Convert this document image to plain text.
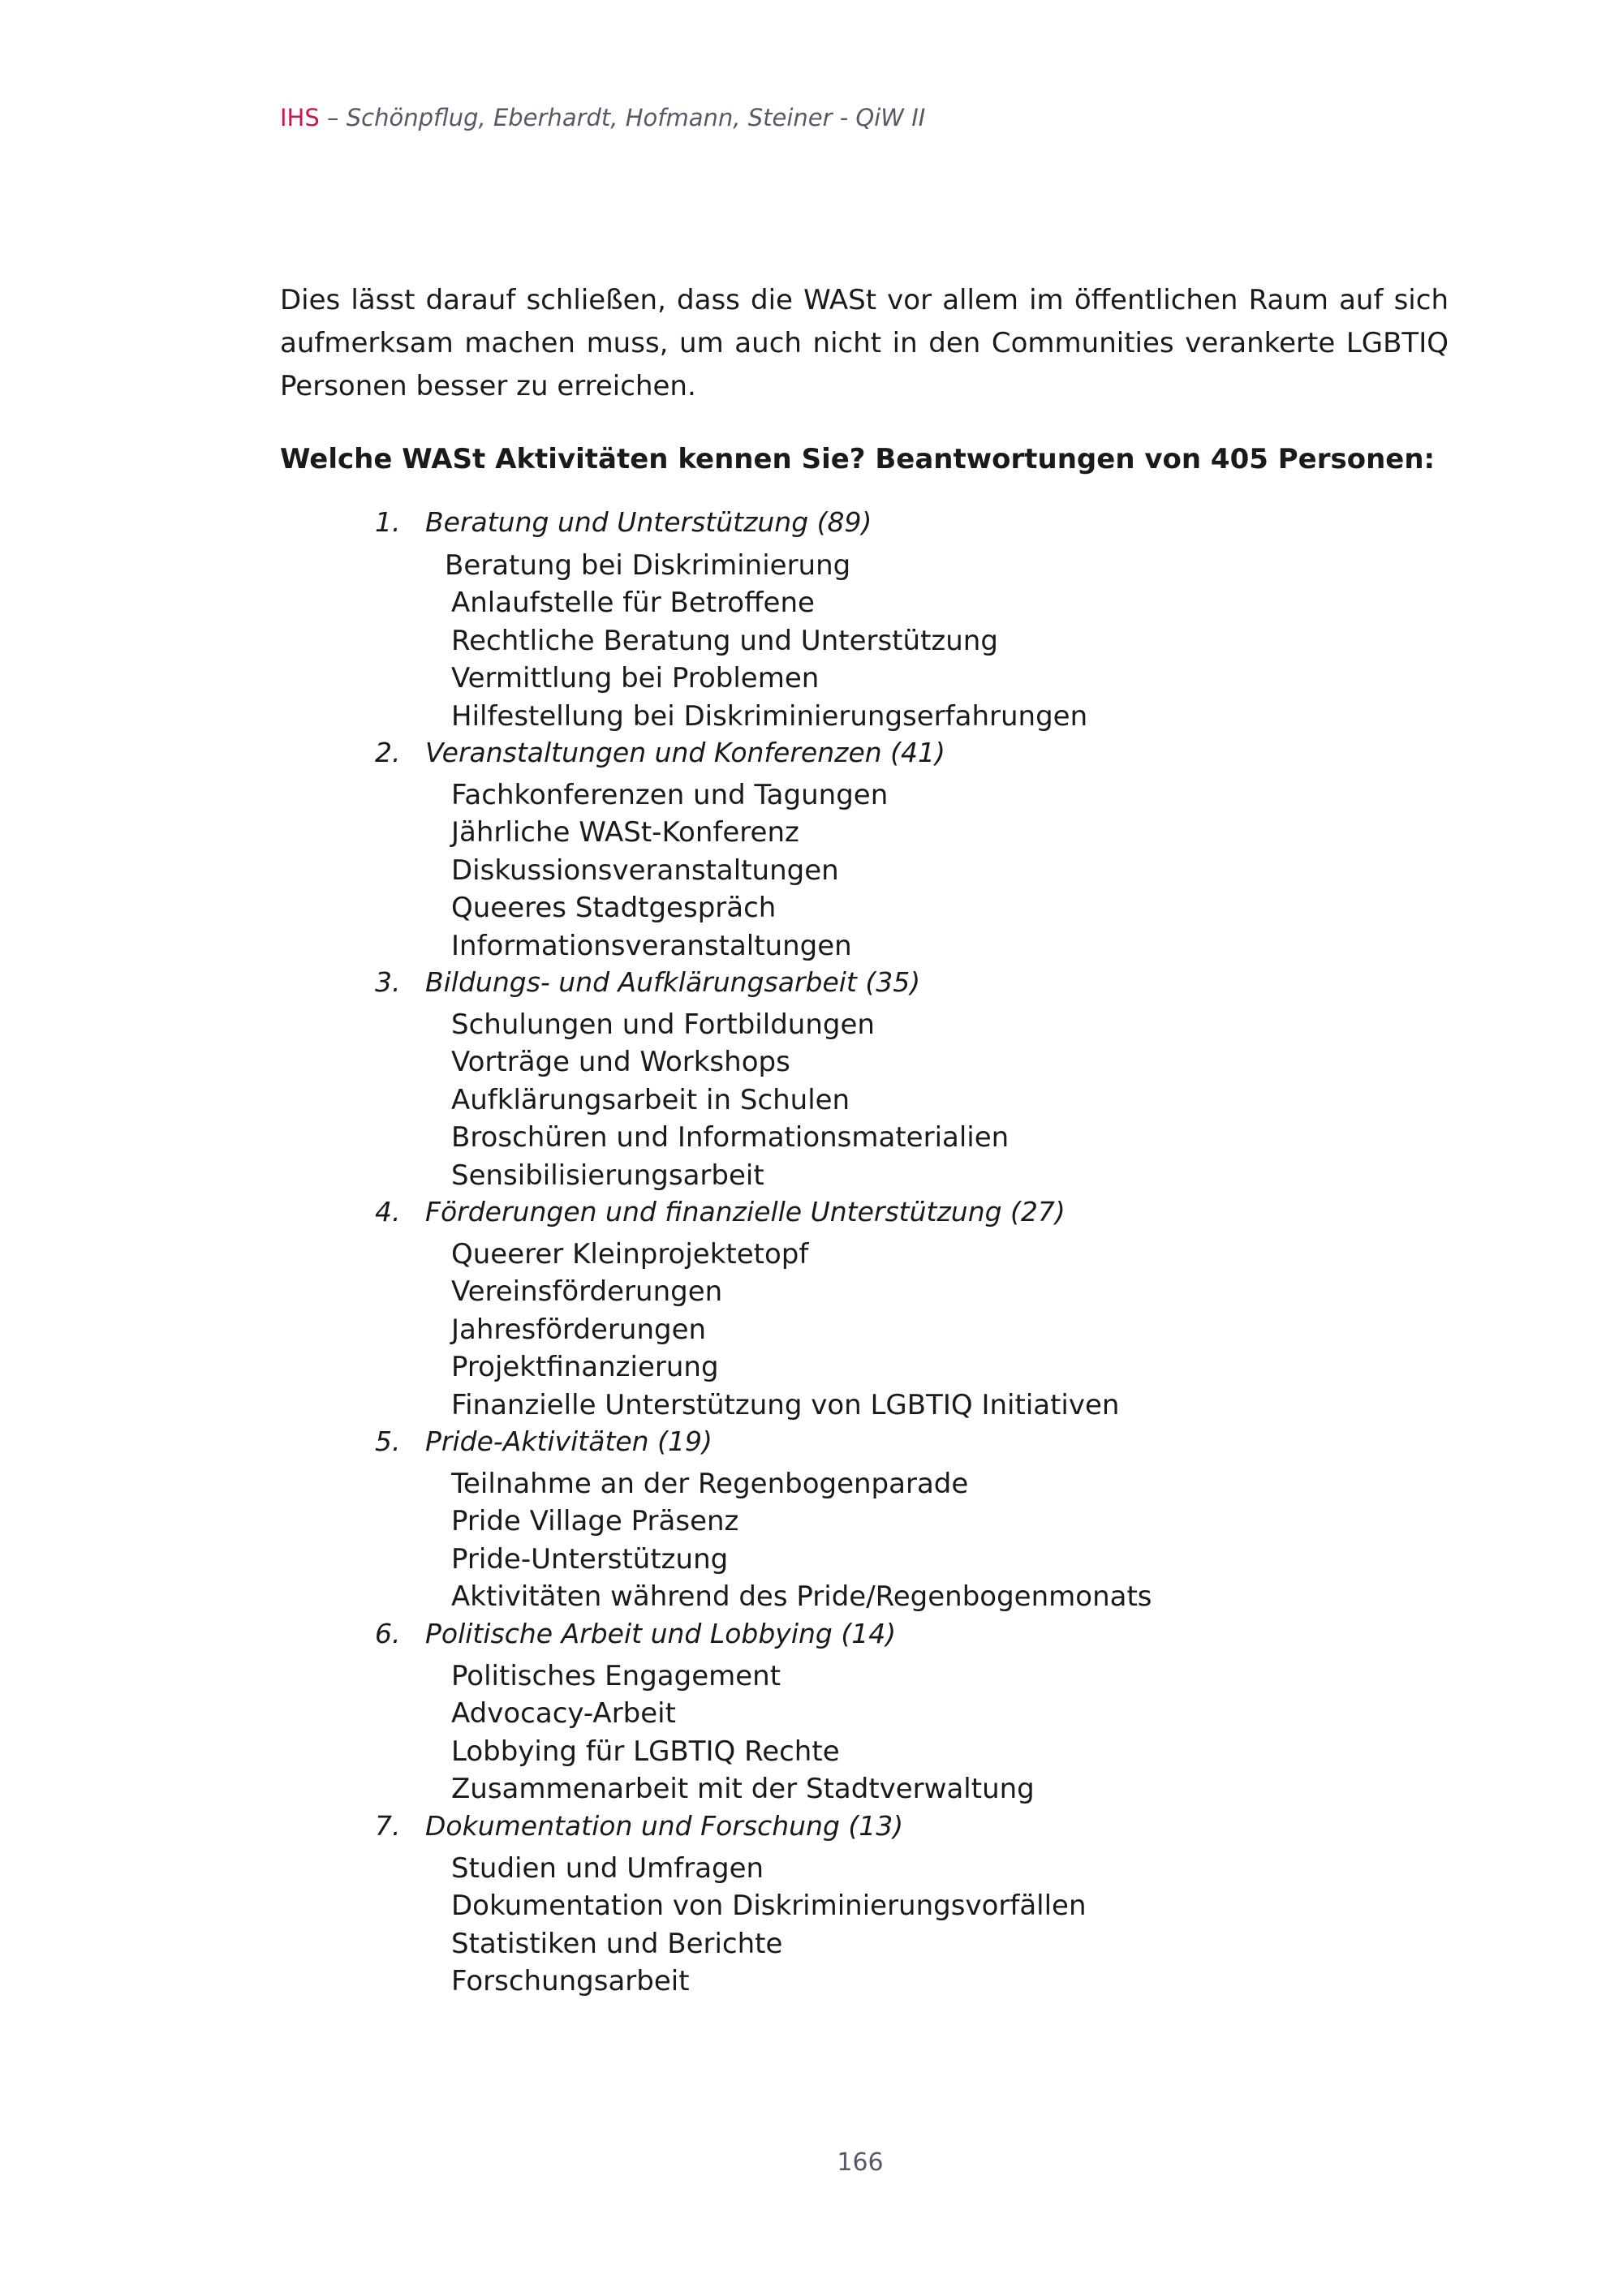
IHS – Schönpflug, Eberhardt, Hofmann, Steiner - QiW II

Dies lässt darauf schließen, dass die WASt vor allem im öffentlichen Raum auf sich aufmerksam machen muss, um auch nicht in den Communities verankerte LGBTIQ Personen besser zu erreichen.

Welche WASt Aktivitäten kennen Sie? Beantwortungen von 405 Personen:

1. Beratung und Unterstützung (89)
Beratung bei Diskriminierung
Anlaufstelle für Betroffene
Rechtliche Beratung und Unterstützung
Vermittlung bei Problemen
Hilfestellung bei Diskriminierungserfahrungen
2. Veranstaltungen und Konferenzen (41)
Fachkonferenzen und Tagungen
Jährliche WASt-Konferenz
Diskussionsveranstaltungen
Queeres Stadtgespräch
Informationsveranstaltungen
3. Bildungs- und Aufklärungsarbeit (35)
Schulungen und Fortbildungen
Vorträge und Workshops
Aufklärungsarbeit in Schulen
Broschüren und Informationsmaterialien
Sensibilisierungsarbeit
4. Förderungen und finanzielle Unterstützung (27)
Queerer Kleinprojektetopf
Vereinsförderungen
Jahresförderungen
Projektfinanzierung
Finanzielle Unterstützung von LGBTIQ Initiativen
5. Pride-Aktivitäten (19)
Teilnahme an der Regenbogenparade
Pride Village Präsenz
Pride-Unterstützung
Aktivitäten während des Pride/Regenbogenmonats
6. Politische Arbeit und Lobbying (14)
Politisches Engagement
Advocacy-Arbeit
Lobbying für LGBTIQ Rechte
Zusammenarbeit mit der Stadtverwaltung
7. Dokumentation und Forschung (13)
Studien und Umfragen
Dokumentation von Diskriminierungsvorfällen
Statistiken und Berichte
Forschungsarbeit
166
